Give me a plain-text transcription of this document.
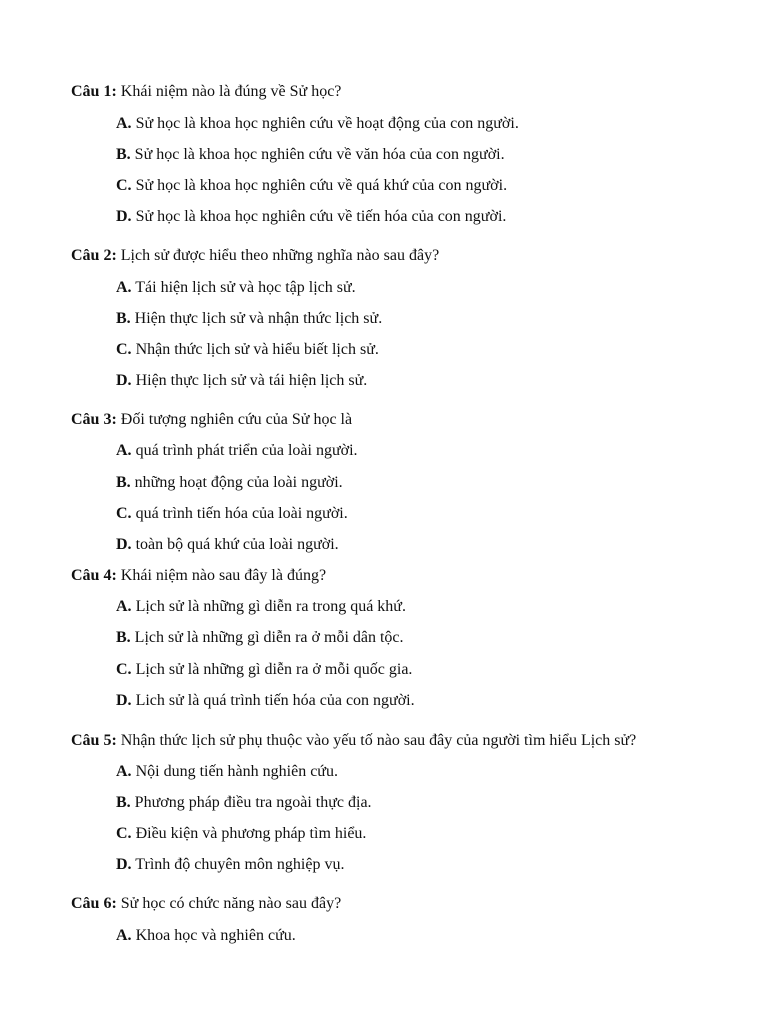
Câu 1: Khái niệm nào là đúng về Sử học?
A. Sử học là khoa học nghiên cứu về hoạt động của con người.
B. Sử học là khoa học nghiên cứu về văn hóa của con người.
C. Sử học là khoa học nghiên cứu về quá khứ của con người.
D. Sử học là khoa học nghiên cứu về tiến hóa của con người.
Câu 2: Lịch sử được hiểu theo những nghĩa nào sau đây?
A. Tái hiện lịch sử và học tập lịch sử.
B. Hiện thực lịch sử và nhận thức lịch sử.
C. Nhận thức lịch sử và hiểu biết lịch sử.
D. Hiện thực lịch sử và tái hiện lịch sử.
Câu 3: Đối tượng nghiên cứu của Sử học là
A. quá trình phát triển của loài người.
B. những hoạt động của loài người.
C. quá trình tiến hóa của loài người.
D. toàn bộ quá khứ của loài người.
Câu 4: Khái niệm nào sau đây là đúng?
A. Lịch sử là những gì diễn ra trong quá khứ.
B. Lịch sử là những gì diễn ra ở mỗi dân tộc.
C. Lịch sử là những gì diễn ra ở mỗi quốc gia.
D. Lich sử là quá trình tiến hóa của con người.
Câu 5: Nhận thức lịch sử phụ thuộc vào yếu tố nào sau đây của người tìm hiểu Lịch sử?
A. Nội dung tiến hành nghiên cứu.
B. Phương pháp điều tra ngoài thực địa.
C. Điều kiện và phương pháp tìm hiểu.
D. Trình độ chuyên môn nghiệp vụ.
Câu 6: Sử học có chức năng nào sau đây?
A. Khoa học và nghiên cứu.
